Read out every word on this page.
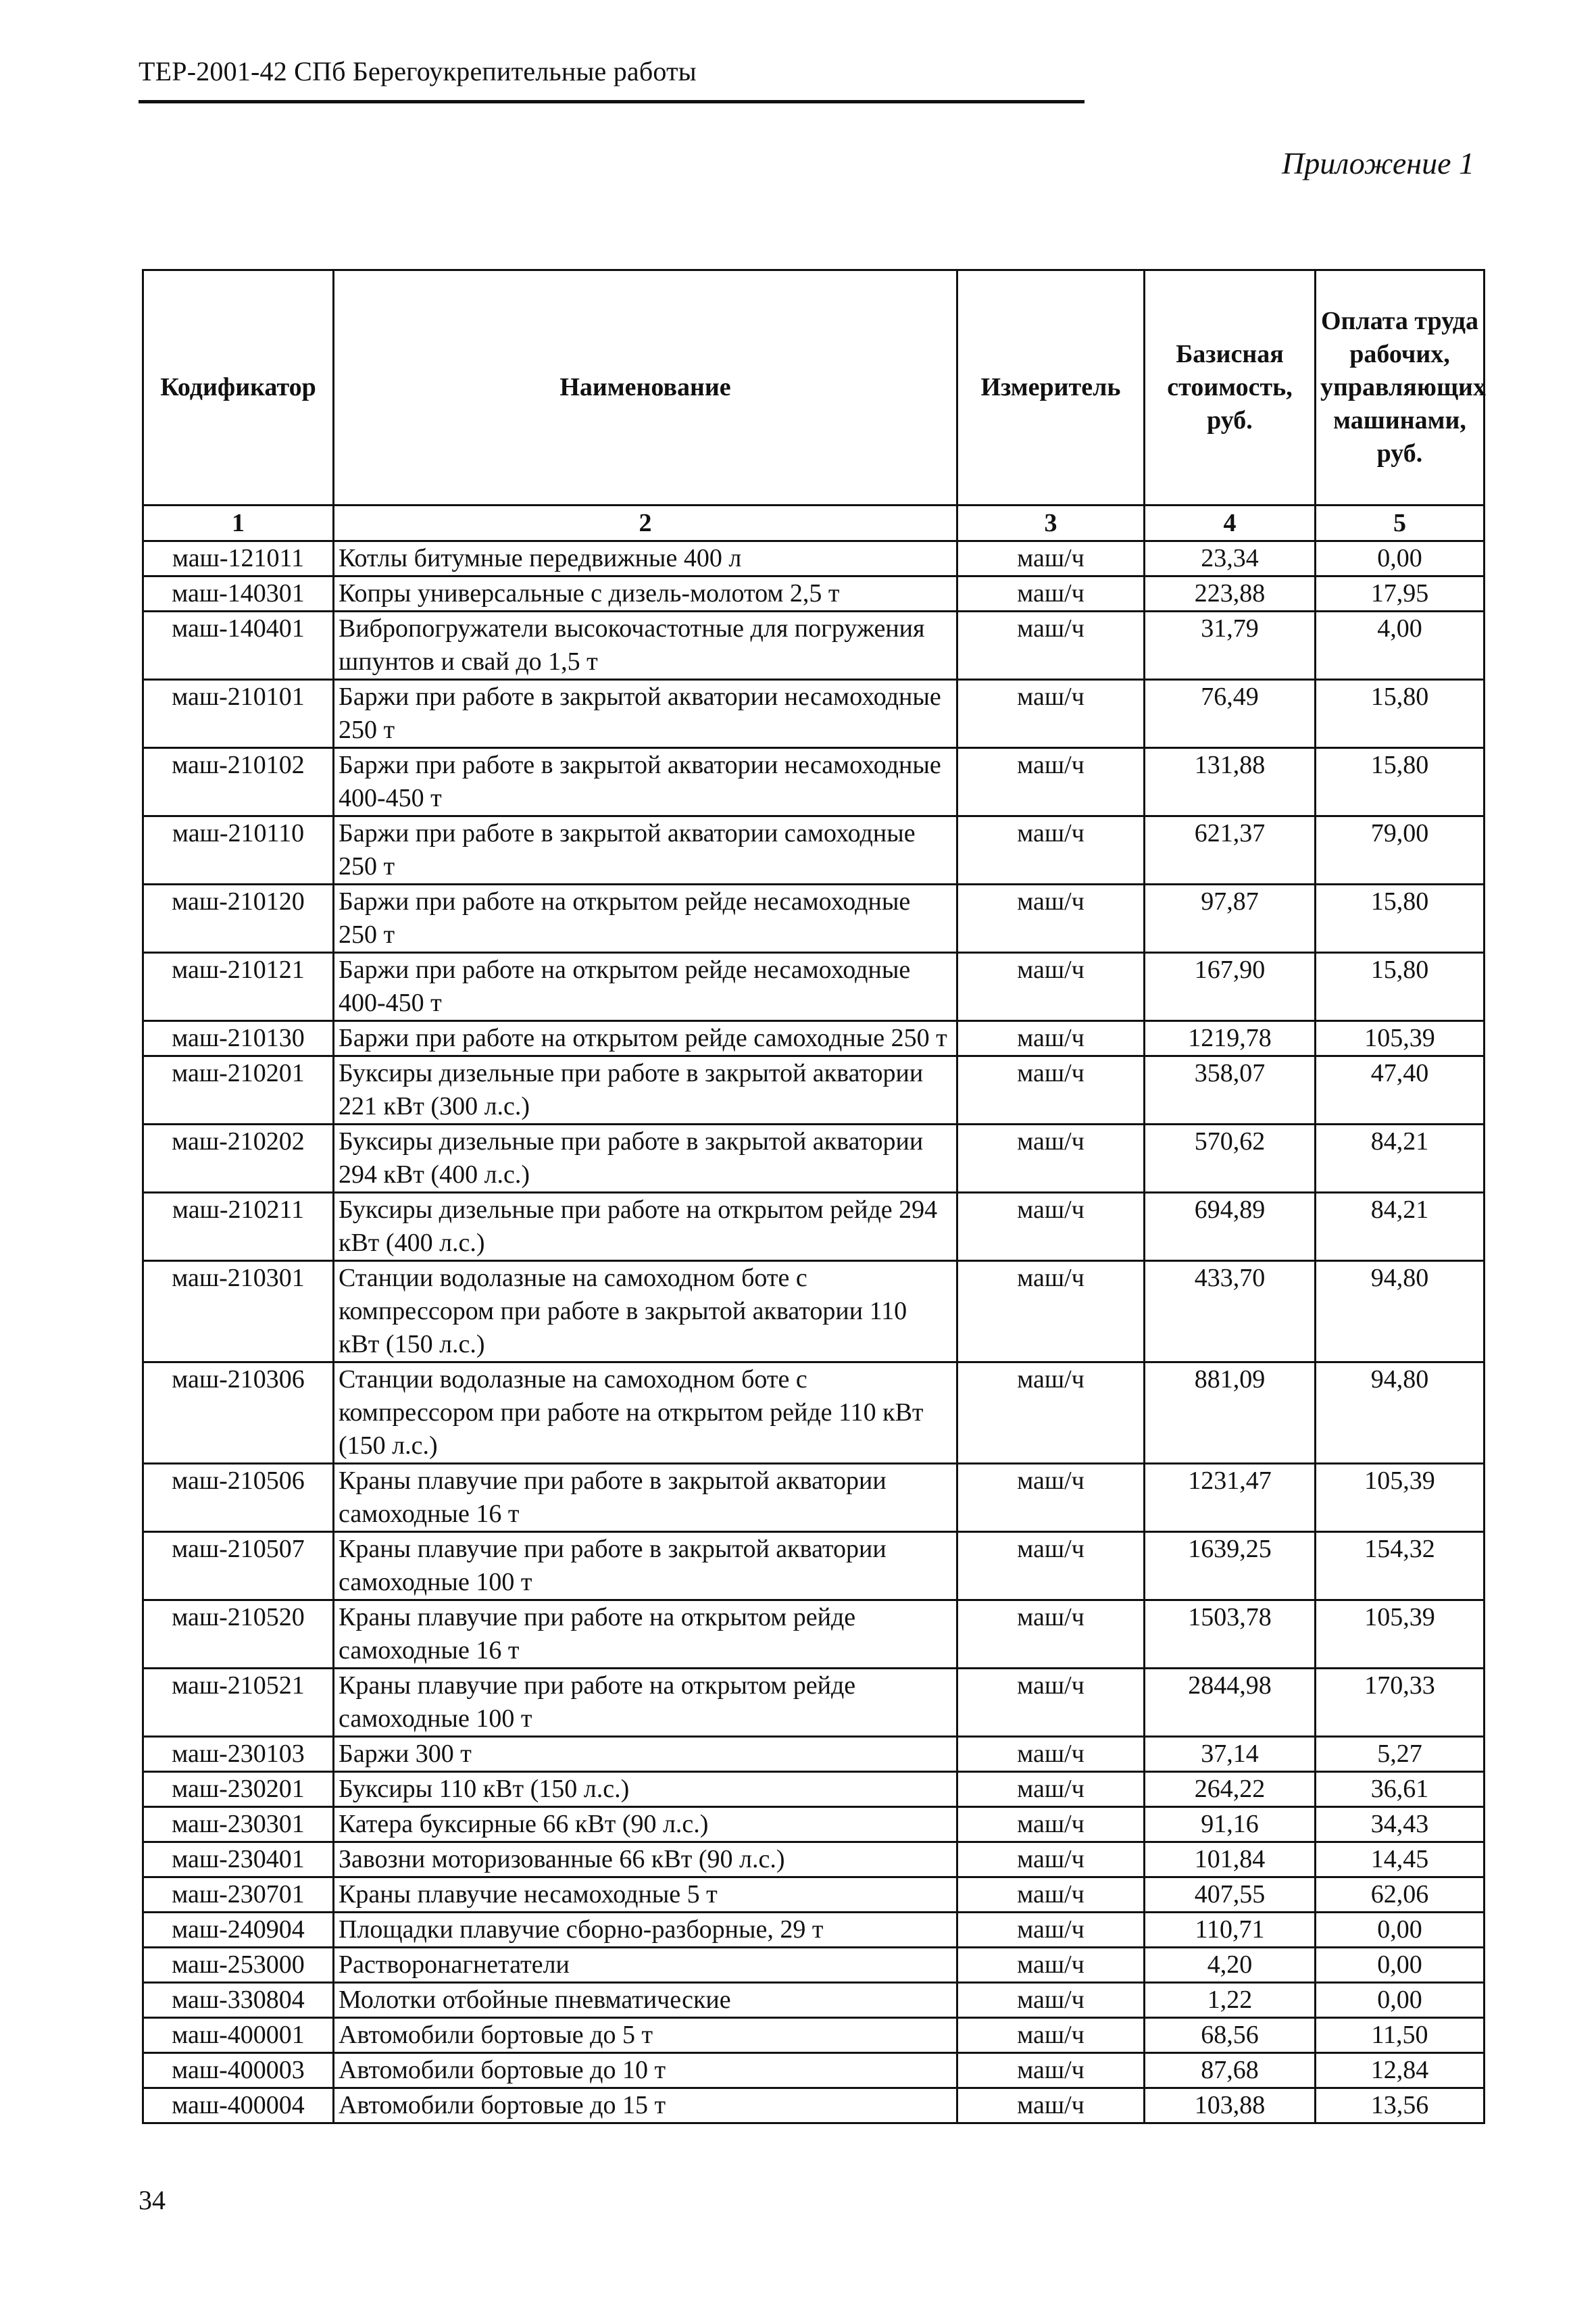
ТЕР-2001-42 СПб Берегоукрепительные работы
Приложение 1
Кодификатор	Наименование	Измеритель	Базисная стоимость, руб.	Оплата труда рабочих, управляющих машинами, руб.
1	2	3	4	5
маш-121011	Котлы битумные передвижные 400 л	маш/ч	23,34	0,00
маш-140301	Копры универсальные с дизель-молотом 2,5 т	маш/ч	223,88	17,95
маш-140401	Вибропогружатели высокочастотные для погружения шпунтов и свай до 1,5 т	маш/ч	31,79	4,00
маш-210101	Баржи при работе в закрытой акватории несамоходные 250 т	маш/ч	76,49	15,80
маш-210102	Баржи при работе в закрытой акватории несамоходные 400-450 т	маш/ч	131,88	15,80
маш-210110	Баржи при работе в закрытой акватории самоходные 250 т	маш/ч	621,37	79,00
маш-210120	Баржи при работе на открытом рейде несамоходные 250 т	маш/ч	97,87	15,80
маш-210121	Баржи при работе на открытом рейде несамоходные 400-450 т	маш/ч	167,90	15,80
маш-210130	Баржи при работе на открытом рейде самоходные 250 т	маш/ч	1219,78	105,39
маш-210201	Буксиры дизельные при работе в закрытой акватории 221 кВт (300 л.с.)	маш/ч	358,07	47,40
маш-210202	Буксиры дизельные при работе в закрытой акватории 294 кВт (400 л.с.)	маш/ч	570,62	84,21
маш-210211	Буксиры дизельные при работе на открытом рейде 294 кВт (400 л.с.)	маш/ч	694,89	84,21
маш-210301	Станции водолазные на самоходном боте с компрессором при работе в закрытой акватории 110 кВт (150 л.с.)	маш/ч	433,70	94,80
маш-210306	Станции водолазные на самоходном боте с компрессором при работе на открытом рейде 110 кВт (150 л.с.)	маш/ч	881,09	94,80
маш-210506	Краны плавучие при работе в закрытой акватории самоходные 16 т	маш/ч	1231,47	105,39
маш-210507	Краны плавучие при работе в закрытой акватории самоходные 100 т	маш/ч	1639,25	154,32
маш-210520	Краны плавучие при работе на открытом рейде самоходные 16 т	маш/ч	1503,78	105,39
маш-210521	Краны плавучие при работе на открытом рейде самоходные 100 т	маш/ч	2844,98	170,33
маш-230103	Баржи 300 т	маш/ч	37,14	5,27
маш-230201	Буксиры 110 кВт (150 л.с.)	маш/ч	264,22	36,61
маш-230301	Катера буксирные 66 кВт (90 л.с.)	маш/ч	91,16	34,43
маш-230401	Завозни моторизованные 66 кВт (90 л.с.)	маш/ч	101,84	14,45
маш-230701	Краны плавучие несамоходные 5 т	маш/ч	407,55	62,06
маш-240904	Площадки плавучие сборно-разборные, 29 т	маш/ч	110,71	0,00
маш-253000	Растворонагнетатели	маш/ч	4,20	0,00
маш-330804	Молотки отбойные пневматические	маш/ч	1,22	0,00
маш-400001	Автомобили бортовые до 5 т	маш/ч	68,56	11,50
маш-400003	Автомобили бортовые до 10 т	маш/ч	87,68	12,84
маш-400004	Автомобили бортовые до 15 т	маш/ч	103,88	13,56
34
